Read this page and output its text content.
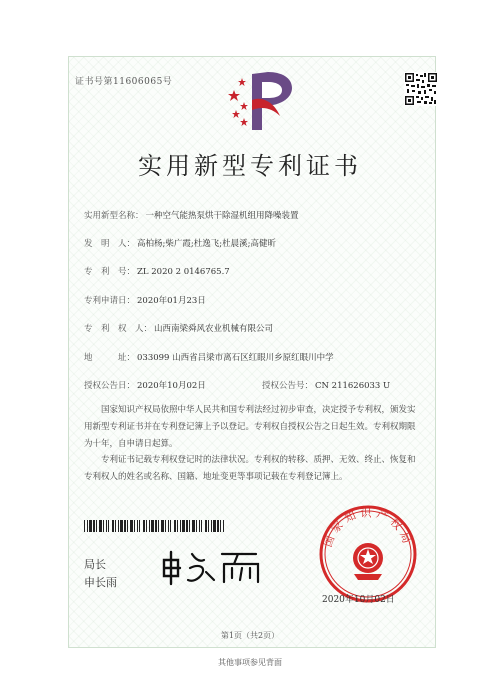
证书号第11606065号
实用新型专利证书
实用新型名称： 一种空气能热泵烘干除湿机组用降噪装置
发　明　人： 高柏杨;柴广霞;杜逸飞;杜晨溪;高健昕
专　利　号： ZL 2020 2 0146765.7
专利申请日： 2020年01月23日
专　利　权　人： 山西南梁舜风农业机械有限公司
地　　　址： 033099 山西省吕梁市离石区红眼川乡原红眼川中学
授权公告日： 2020年10月02日	授权公告号： CN 211626033 U
国家知识产权局依照中华人民共和国专利法经过初步审查，决定授予专利权，颁发实用新型专利证书并在专利登记簿上予以登记。专利权自授权公告之日起生效。专利权期限为十年，自申请日起算。
专利证书记载专利权登记时的法律状况。专利权的转移、质押、无效、终止、恢复和专利权人的姓名或名称、国籍、地址变更等事项记载在专利登记簿上。
局长
申长雨
国家知识产权局
2020年10月02日
第1页（共2页）
其他事项参见背面
